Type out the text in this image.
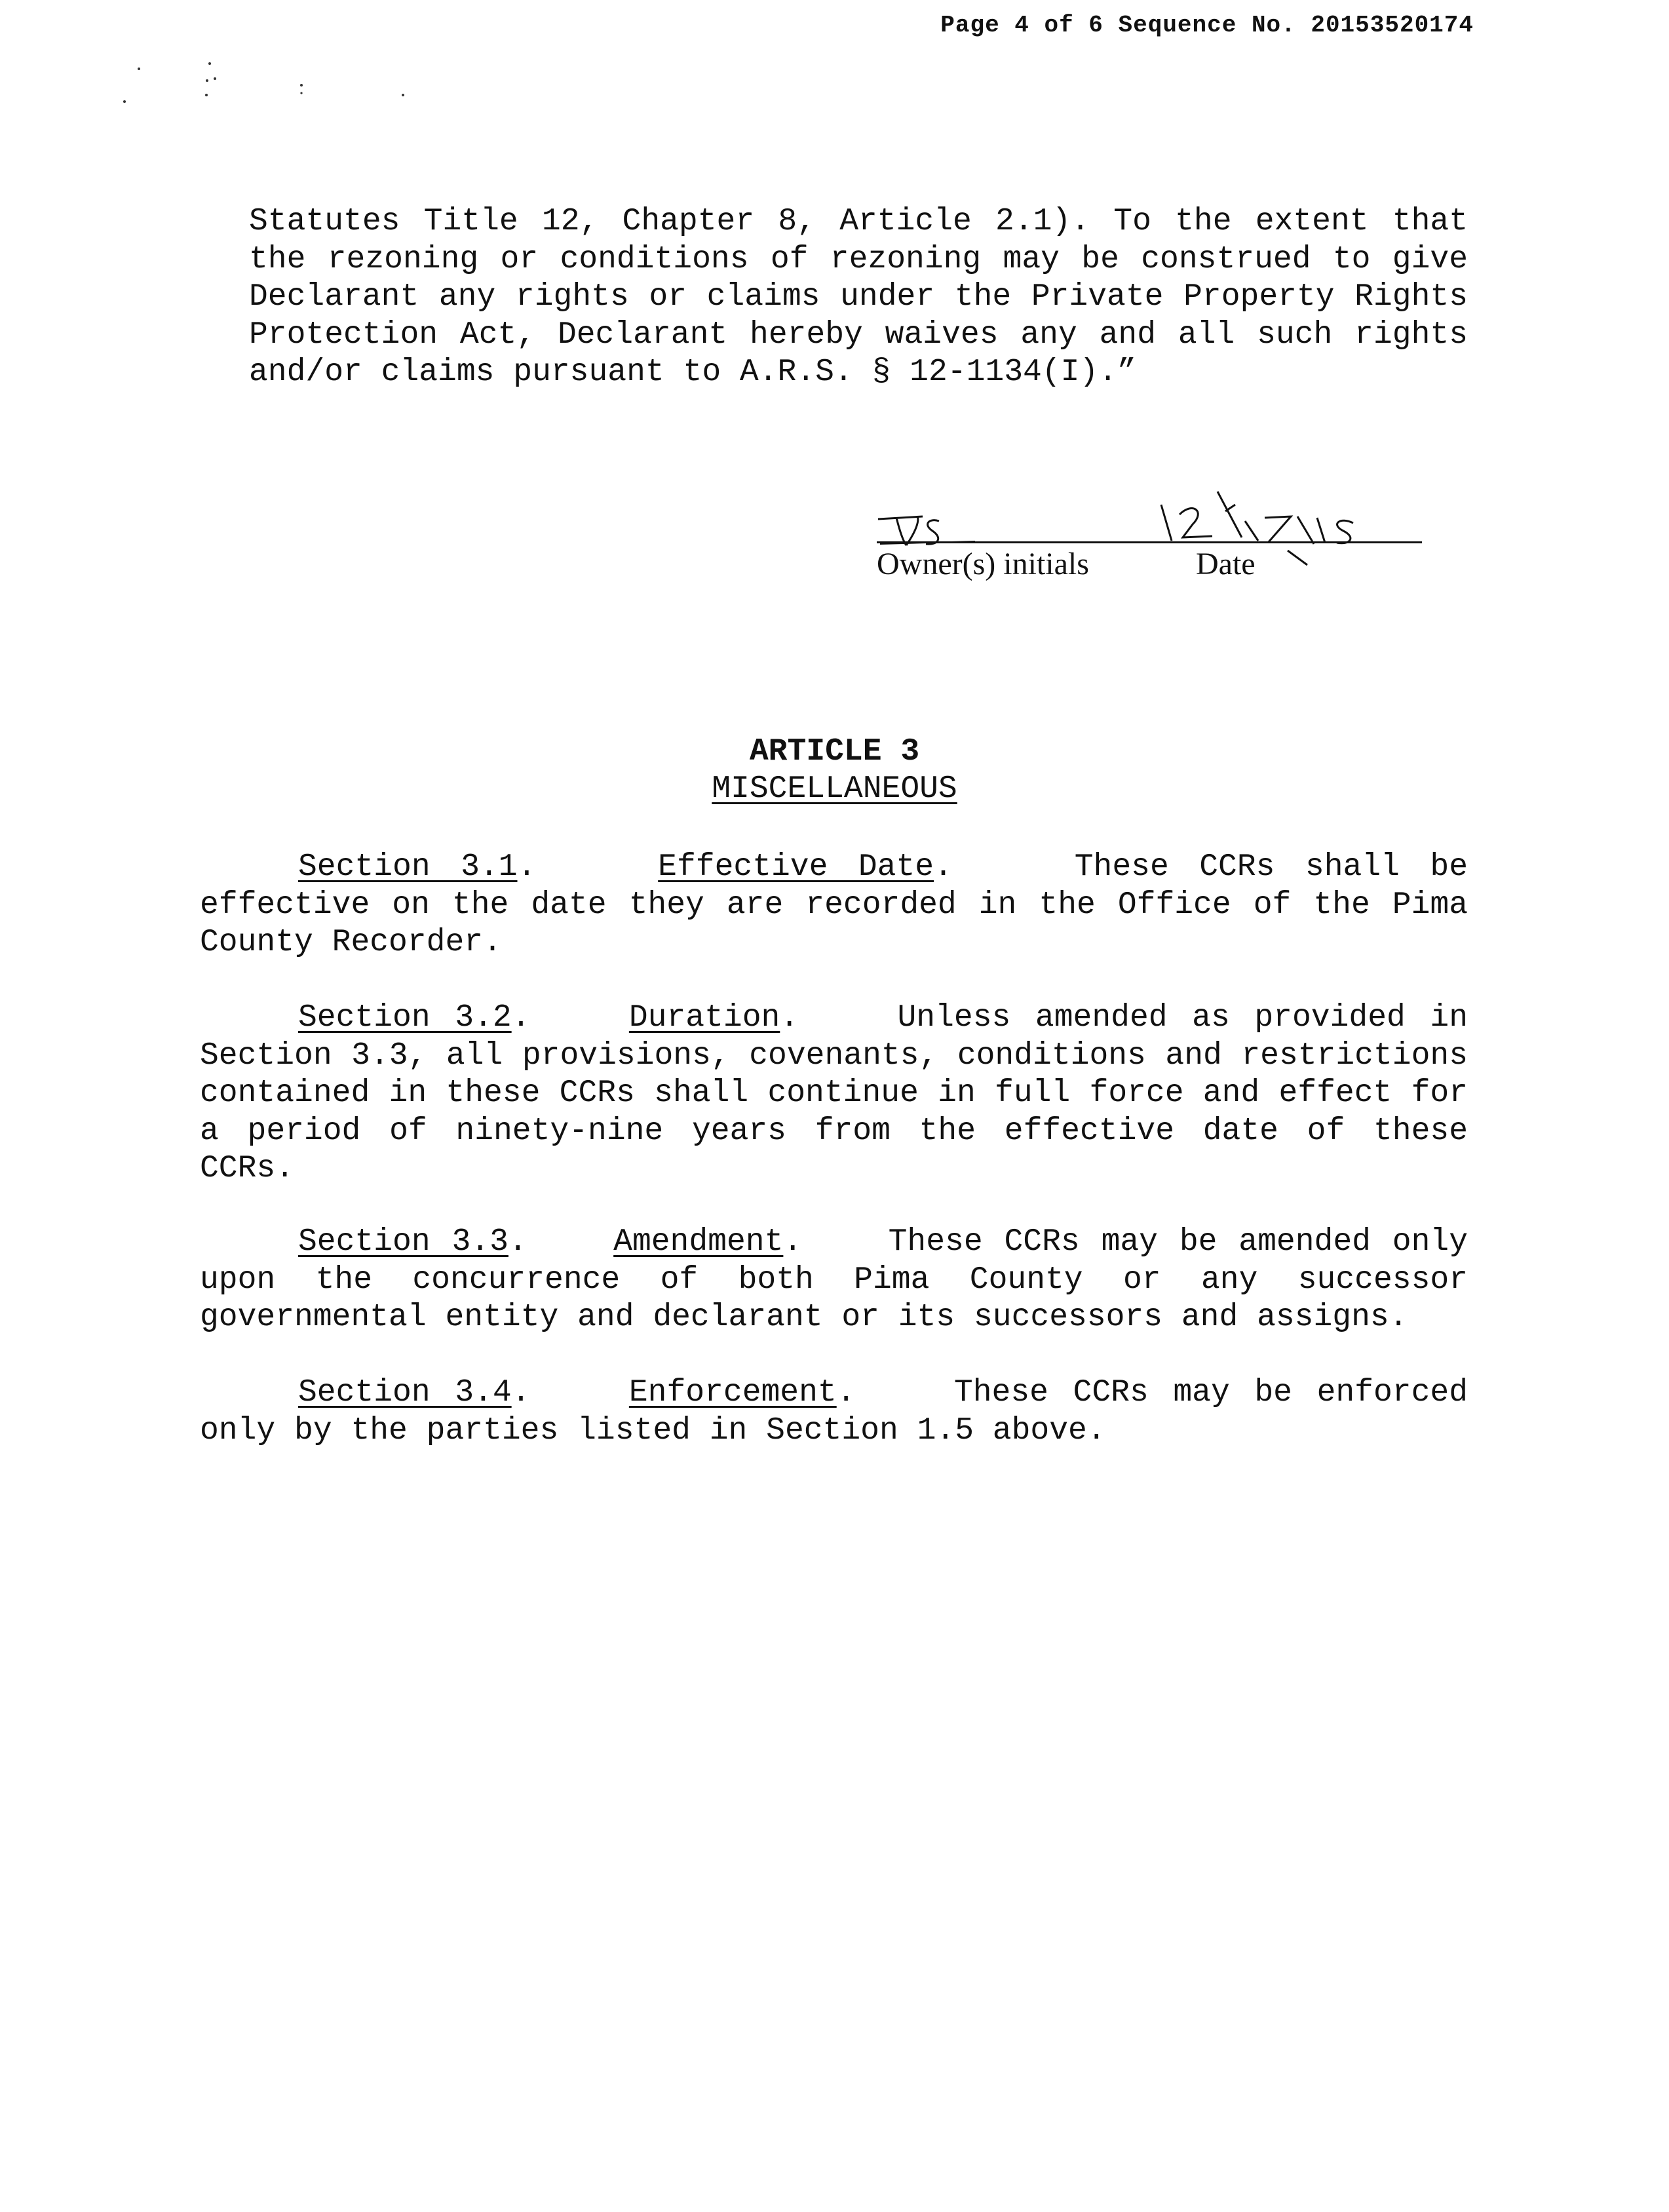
Page 4 of 6 Sequence No. 20153520174

Statutes Title 12, Chapter 8, Article 2.1). To the extent that the rezoning or conditions of rezoning may be construed to give Declarant any rights or claims under the Private Property Rights Protection Act, Declarant hereby waives any and all such rights and/or claims pursuant to A.R.S. § 12-1134(I).”

Owner(s) initials	Date
ARTICLE 3
MISCELLANEOUS

Section 3.1.    Effective Date.    These CCRs shall be effective on the date they are recorded in the Office of the Pima County Recorder.

Section 3.2.    Duration.    Unless amended as provided in Section 3.3, all provisions, covenants, conditions and restrictions contained in these CCRs shall continue in full force and effect for a period of ninety-nine years from the effective date of these CCRs.

Section 3.3.    Amendment.    These CCRs may be amended only upon the concurrence of both Pima County or any successor governmental entity and declarant or its successors and assigns.

Section 3.4.    Enforcement.    These CCRs may be enforced only by the parties listed in Section 1.5 above.
